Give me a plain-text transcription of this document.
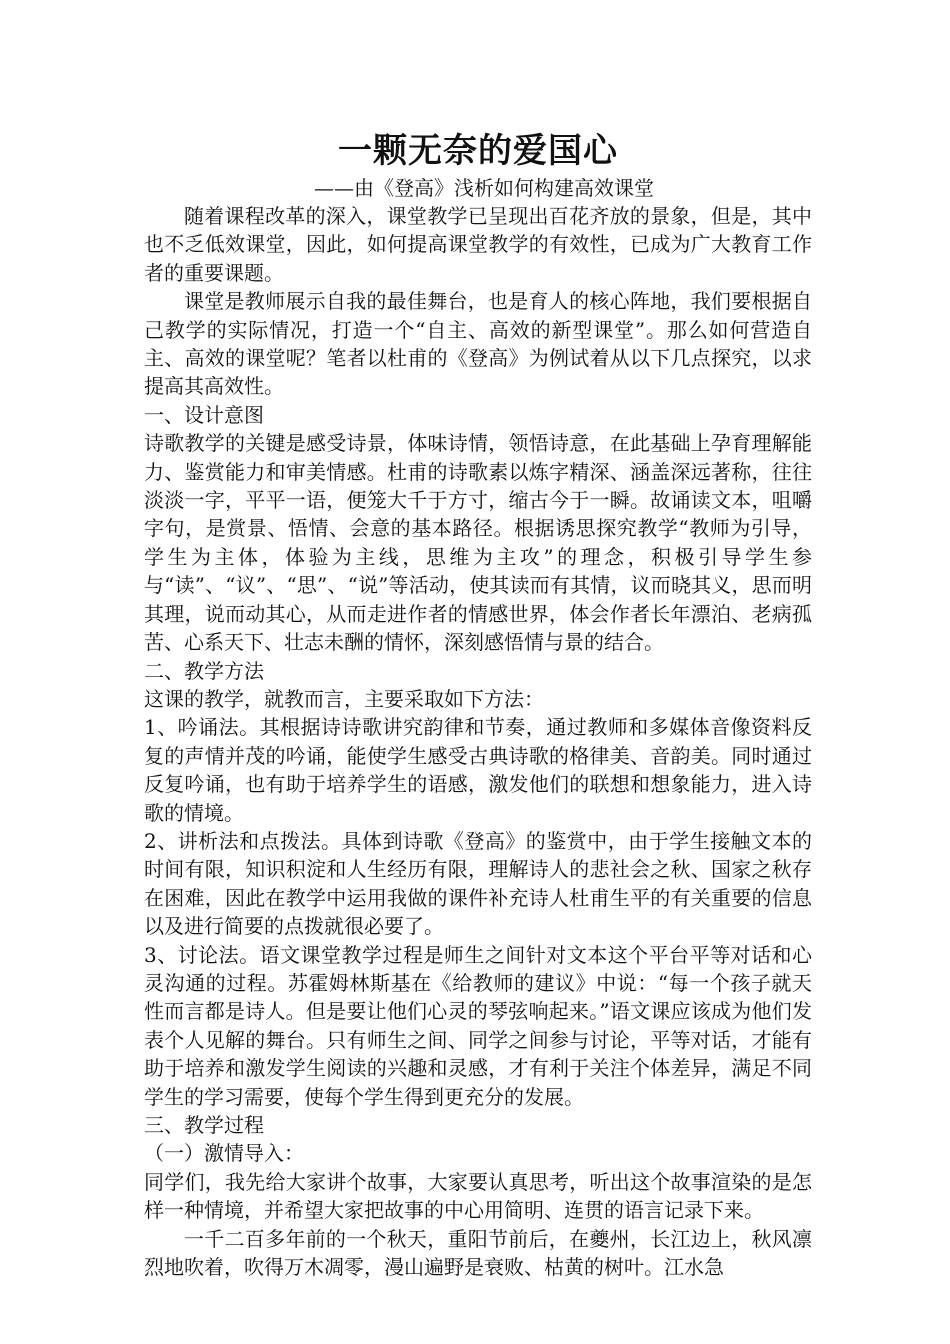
一颗无奈的爱国心
——由《登高》浅析如何构建高效课堂

随着课程改革的深入，课堂教学已呈现出百花齐放的景象，但是，其中也不乏低效课堂，因此，如何提高课堂教学的有效性，已成为广大教育工作者的重要课题。

课堂是教师展示自我的最佳舞台，也是育人的核心阵地，我们要根据自己教学的实际情况，打造一个“自主、高效的新型课堂”。那么如何营造自主、高效的课堂呢？笔者以杜甫的《登高》为例试着从以下几点探究，以求提高其高效性。

一、设计意图

诗歌教学的关键是感受诗景，体味诗情，领悟诗意，在此基础上孕育理解能力、鉴赏能力和审美情感。杜甫的诗歌素以炼字精深、涵盖深远著称，往往淡淡一字，平平一语，便笼大千于方寸，缩古今于一瞬。故诵读文本，咀嚼字句，是赏景、悟情、会意的基本路径。根据诱思探究教学“教师为引导，学生为主体，体验为主线，思维为主攻”的理念，积极引导学生参与“读”、“议”、“思”、“说”等活动，使其读而有其情，议而晓其义，思而明其理，说而动其心，从而走进作者的情感世界，体会作者长年漂泊、老病孤苦、心系天下、壮志未酬的情怀，深刻感悟情与景的结合。

二、教学方法

这课的教学，就教而言，主要采取如下方法：

1、吟诵法。其根据诗诗歌讲究韵律和节奏，通过教师和多媒体音像资料反复的声情并茂的吟诵，能使学生感受古典诗歌的格律美、音韵美。同时通过反复吟诵，也有助于培养学生的语感，激发他们的联想和想象能力，进入诗歌的情境。

2、讲析法和点拨法。具体到诗歌《登高》的鉴赏中，由于学生接触文本的时间有限，知识积淀和人生经历有限，理解诗人的悲社会之秋、国家之秋存在困难，因此在教学中运用我做的课件补充诗人杜甫生平的有关重要的信息以及进行简要的点拨就很必要了。

3、讨论法。语文课堂教学过程是师生之间针对文本这个平台平等对话和心灵沟通的过程。苏霍姆林斯基在《给教师的建议》中说：“每一个孩子就天性而言都是诗人。但是要让他们心灵的琴弦响起来。”语文课应该成为他们发表个人见解的舞台。只有师生之间、同学之间参与讨论，平等对话，才能有助于培养和激发学生阅读的兴趣和灵感，才有利于关注个体差异，满足不同学生的学习需要，使每个学生得到更充分的发展。

三、教学过程

（一）激情导入：

同学们，我先给大家讲个故事，大家要认真思考，听出这个故事渲染的是怎样一种情境，并希望大家把故事的中心用简明、连贯的语言记录下来。

一千二百多年前的一个秋天，重阳节前后，在夔州，长江边上，秋风凛烈地吹着，吹得万木凋零，漫山遍野是衰败、枯黄的树叶。江水急
